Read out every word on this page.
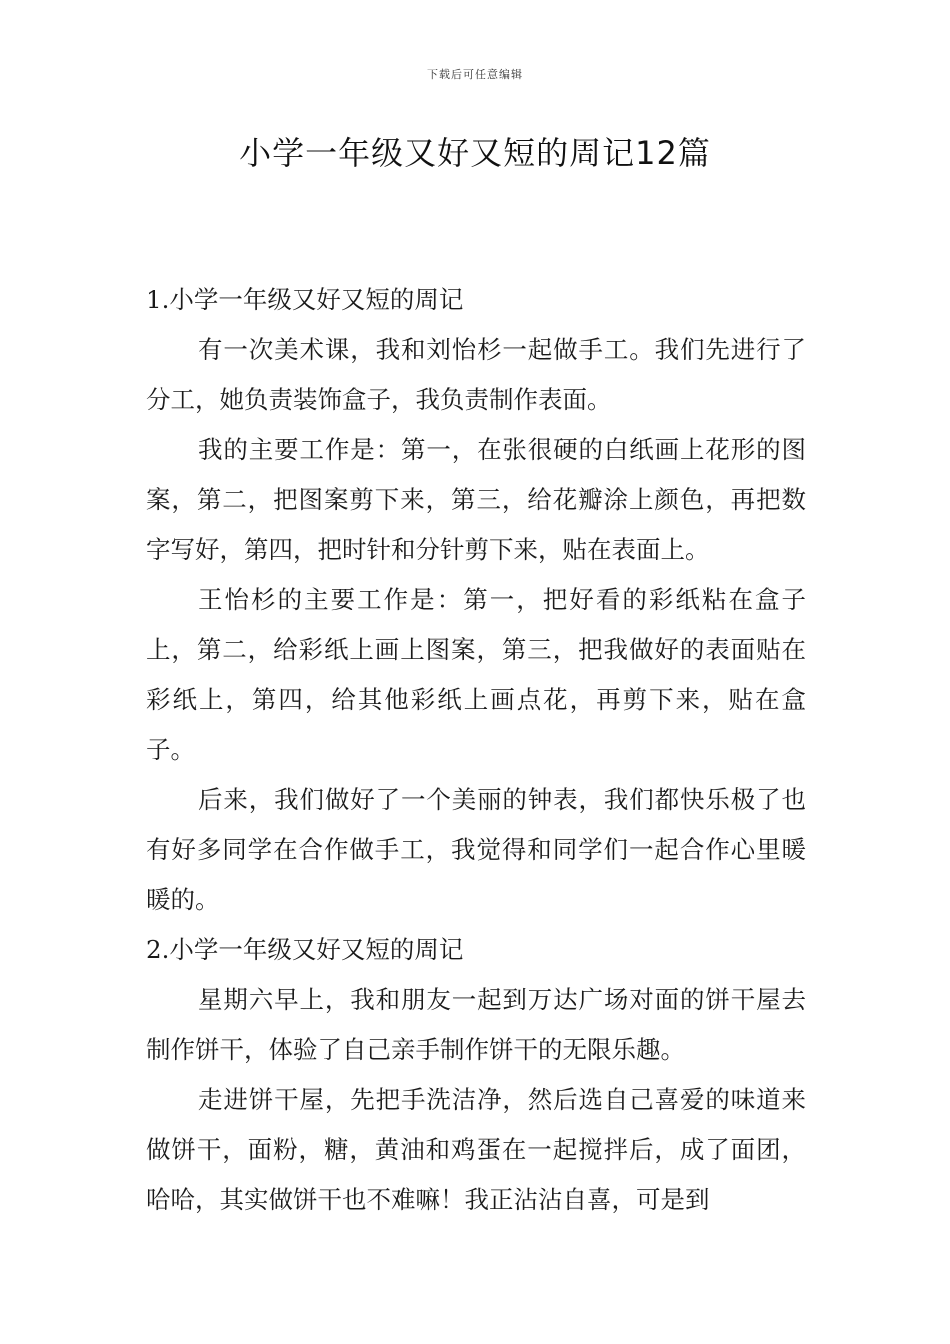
下载后可任意编辑
小学一年级又好又短的周记12篇

1.小学一年级又好又短的周记

有一次美术课，我和刘怡杉一起做手工。我们先进行了分工，她负责装饰盒子，我负责制作表面。

我的主要工作是：第一，在张很硬的白纸画上花形的图案，第二，把图案剪下来，第三，给花瓣涂上颜色，再把数字写好，第四，把时针和分针剪下来，贴在表面上。

王怡杉的主要工作是：第一，把好看的彩纸粘在盒子上，第二，给彩纸上画上图案，第三，把我做好的表面贴在彩纸上，第四，给其他彩纸上画点花，再剪下来，贴在盒子。

后来，我们做好了一个美丽的钟表，我们都快乐极了也有好多同学在合作做手工，我觉得和同学们一起合作心里暖暖的。

2.小学一年级又好又短的周记

星期六早上，我和朋友一起到万达广场对面的饼干屋去制作饼干，体验了自己亲手制作饼干的无限乐趣。

走进饼干屋，先把手洗洁净，然后选自己喜爱的味道来做饼干，面粉，糖，黄油和鸡蛋在一起搅拌后，成了面团，哈哈，其实做饼干也不难嘛！我正沾沾自喜，可是到
